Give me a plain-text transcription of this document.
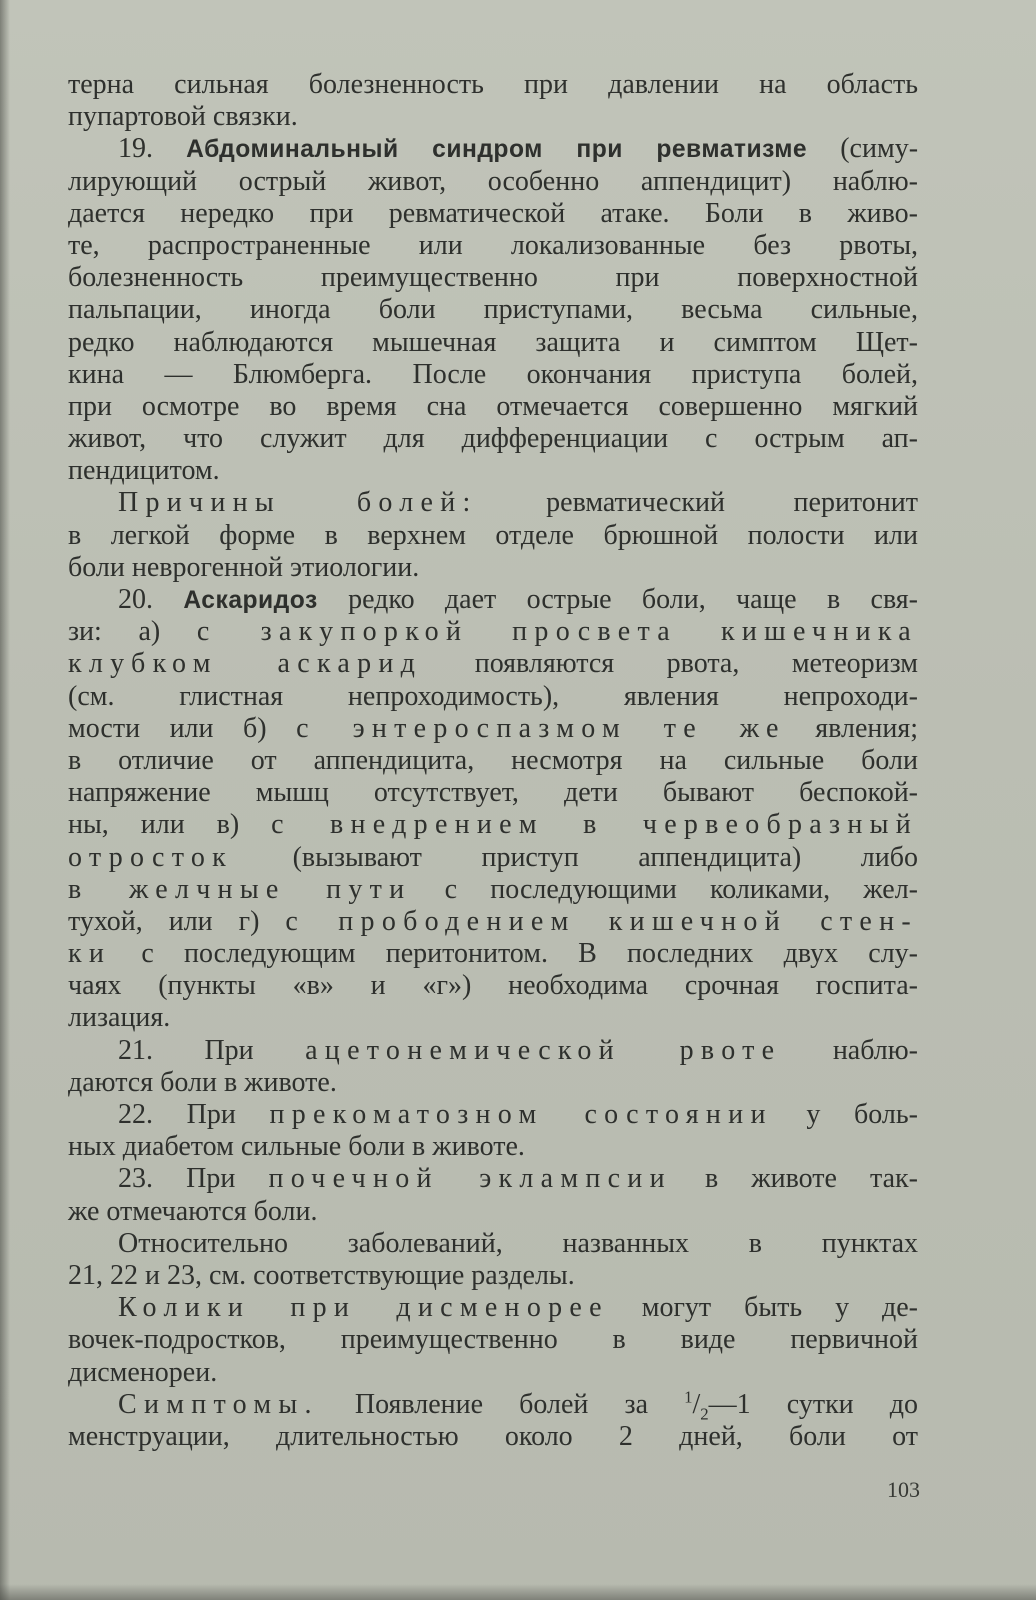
терна сильная болезненность при давлении на область
пупартовой связки.
19. Абдоминальный синдром при ревматизме (симу-
лирующий острый живот, особенно аппендицит) наблю-
дается нередко при ревматической атаке. Боли в живо-
те, распространенные или локализованные без рвоты,
болезненность преимущественно при поверхностной
пальпации, иногда боли приступами, весьма сильные,
редко наблюдаются мышечная защита и симптом Щет-
кина — Блюмберга. После окончания приступа болей,
при осмотре во время сна отмечается совершенно мягкий
живот, что служит для дифференциации с острым ап-
пендицитом.
Причины болей: ревматический перитонит
в легкой форме в верхнем отделе брюшной полости или
боли неврогенной этиологии.
20. Аскаридоз редко дает острые боли, чаще в свя-
зи: а) с закупоркой просвета кишечника
клубком аскарид появляются рвота, метеоризм
(см. глистная непроходимость), явления непроходи-
мости или б) с энтероспазмом те же явления;
в отличие от аппендицита, несмотря на сильные боли
напряжение мышц отсутствует, дети бывают беспокой-
ны, или в) с внедрением в червеобразный
отросток (вызывают приступ аппендицита) либо
в желчные пути с последующими коликами, жел-
тухой, или г) с прободением кишечной стен-
ки с последующим перитонитом. В последних двух слу-
чаях (пункты «в» и «г») необходима срочная госпита-
лизация.
21. При ацетонемической рвоте наблю-
даются боли в животе.
22. При прекоматозном состоянии у боль-
ных диабетом сильные боли в животе.
23. При почечной эклампсии в животе так-
же отмечаются боли.
Относительно заболеваний, названных в пунктах
21, 22 и 23, см. соответствующие разделы.
Колики при дисменорее могут быть у де-
вочек-подростков, преимущественно в виде первичной
дисменореи.
Симптомы. Появление болей за $^1/_2—1$ сутки до
менструации, длительностью около 2 дней, боли от
103
